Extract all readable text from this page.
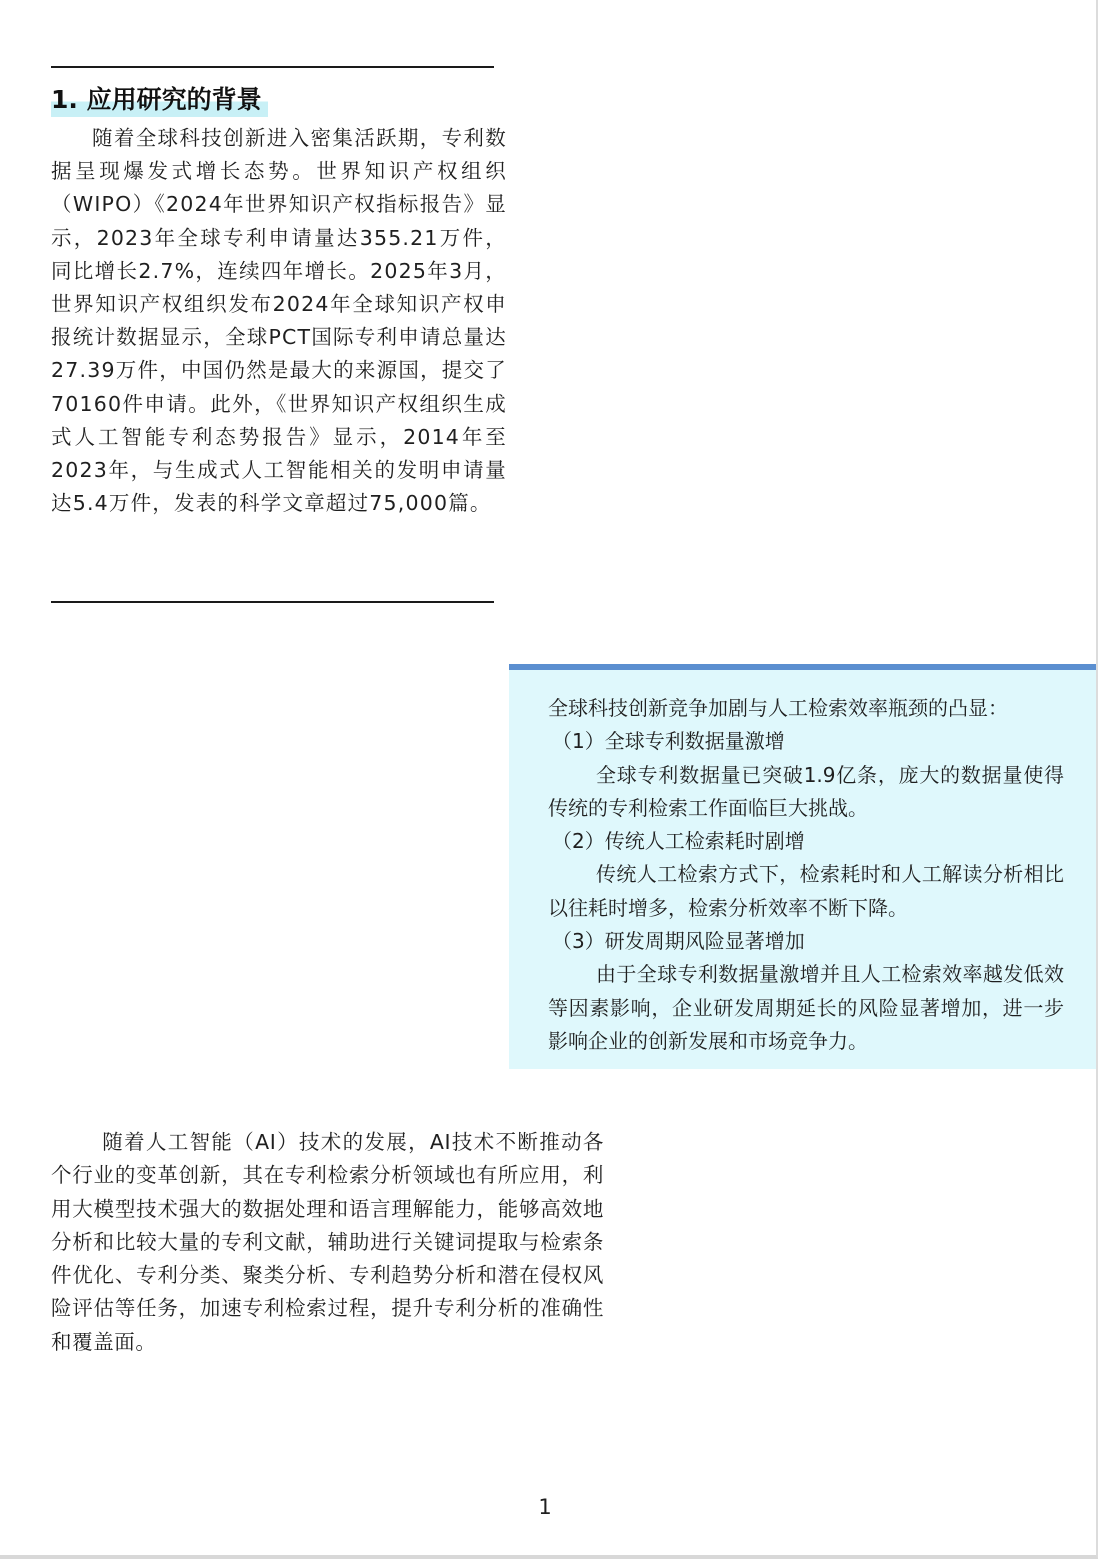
1. 应用研究的背景

随着全球科技创新进入密集活跃期，专利数据呈现爆发式增长态势。世界知识产权组织（WIPO）《2024年世界知识产权指标报告》显示，2023年全球专利申请量达355.21万件，同比增长2.7%，连续四年增长。2025年3月，世界知识产权组织发布2024年全球知识产权申报统计数据显示，全球PCT国际专利申请总量达27.39万件，中国仍然是最大的来源国，提交了70160件申请。此外，《世界知识产权组织生成式人工智能专利态势报告》显示，2014年至2023年，与生成式人工智能相关的发明申请量达5.4万件，发表的科学文章超过75,000篇。

全球科技创新竞争加剧与人工检索效率瓶颈的凸显：

（1）全球专利数据量激增

全球专利数据量已突破1.9亿条，庞大的数据量使得传统的专利检索工作面临巨大挑战。

（2）传统人工检索耗时剧增

传统人工检索方式下，检索耗时和人工解读分析相比以往耗时增多，检索分析效率不断下降。

（3）研发周期风险显著增加

由于全球专利数据量激增并且人工检索效率越发低效等因素影响，企业研发周期延长的风险显著增加，进一步影响企业的创新发展和市场竞争力。

随着人工智能（AI）技术的发展，AI技术不断推动各个行业的变革创新，其在专利检索分析领域也有所应用，利用大模型技术强大的数据处理和语言理解能力，能够高效地分析和比较大量的专利文献，辅助进行关键词提取与检索条件优化、专利分类、聚类分析、专利趋势分析和潜在侵权风险评估等任务，加速专利检索过程，提升专利分析的准确性和覆盖面。

1
